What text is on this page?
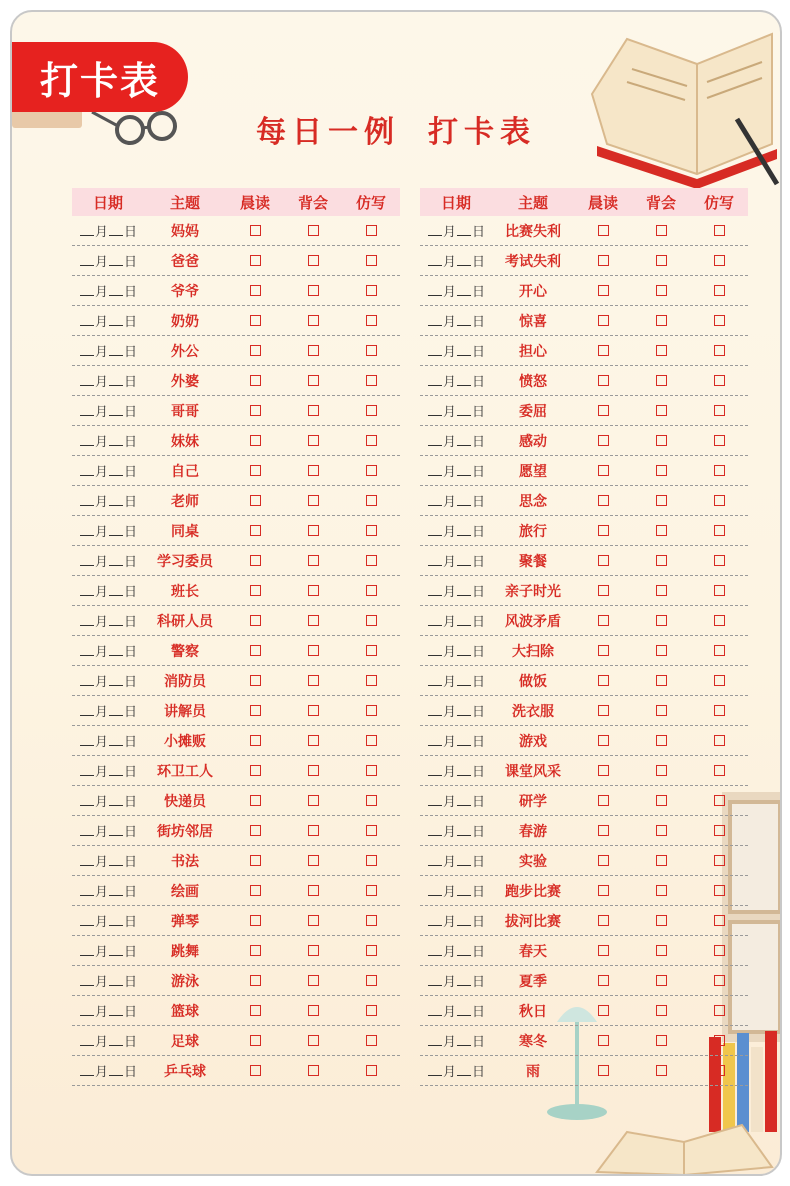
打卡表
每日一例 打卡表
日期	主题	晨读	背会	仿写
月 日	妈妈
月 日	爸爸
月 日	爷爷
月 日	奶奶
月 日	外公
月 日	外婆
月 日	哥哥
月 日	妹妹
月 日	自己
月 日	老师
月 日	同桌
月 日	学习委员
月 日	班长
月 日	科研人员
月 日	警察
月 日	消防员
月 日	讲解员
月 日	小摊贩
月 日	环卫工人
月 日	快递员
月 日	街坊邻居
月 日	书法
月 日	绘画
月 日	弹琴
月 日	跳舞
月 日	游泳
月 日	篮球
月 日	足球
月 日	乒乓球
日期	主题	晨读	背会	仿写
月 日	比赛失利
月 日	考试失利
月 日	开心
月 日	惊喜
月 日	担心
月 日	愤怒
月 日	委屈
月 日	感动
月 日	愿望
月 日	思念
月 日	旅行
月 日	聚餐
月 日	亲子时光
月 日	风波矛盾
月 日	大扫除
月 日	做饭
月 日	洗衣服
月 日	游戏
月 日	课堂风采
月 日	研学
月 日	春游
月 日	实验
月 日	跑步比赛
月 日	拔河比赛
月 日	春天
月 日	夏季
月 日	秋日
月 日	寒冬
月 日	雨
